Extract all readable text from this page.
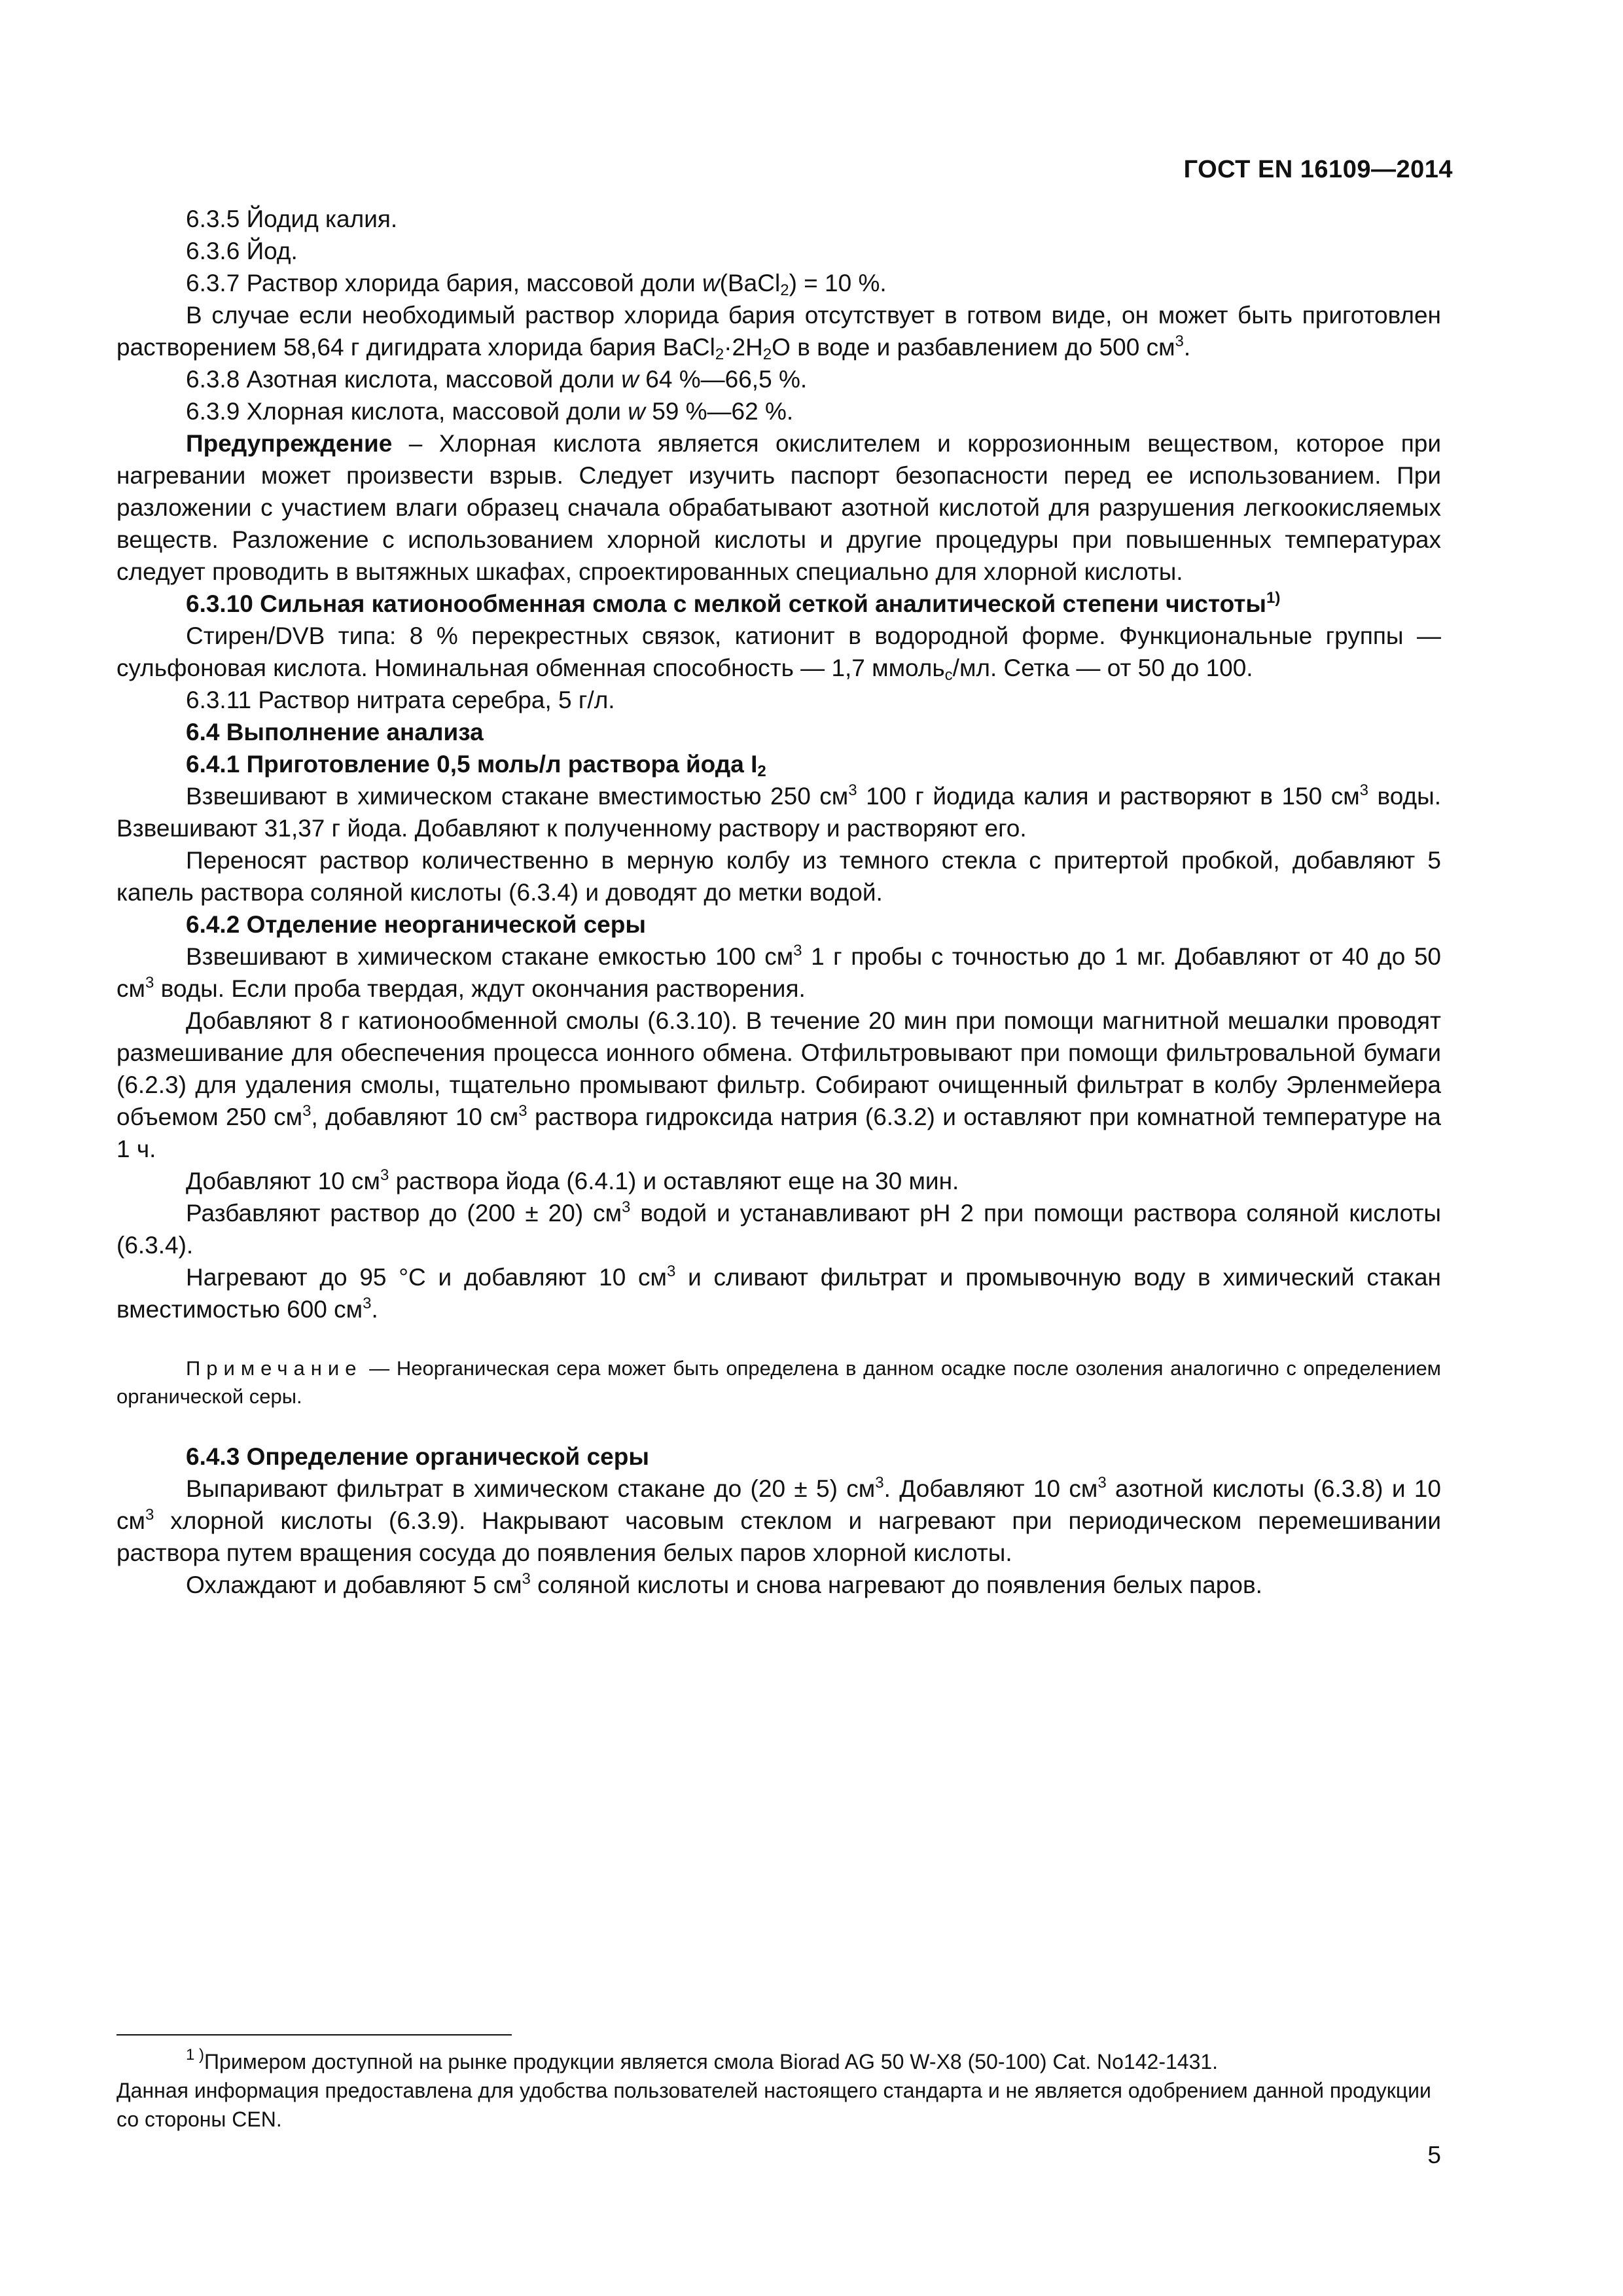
ГОСТ EN 16109—2014

6.3.5 Йодид калия.

6.3.6 Йод.

6.3.7 Раствор хлорида бария, массовой доли w(BaCl$_2$) = 10 %.

В случае если необходимый раствор хлорида бария отсутствует в готвом виде, он может быть приготовлен растворением 58,64 г дигидрата хлорида бария $BaCl_2\cdot 2H_2O$ в воде и разбавлением до 500 $см^3$.

6.3.8 Азотная кислота, массовой доли w 64 %—66,5 %.

6.3.9 Хлорная кислота, массовой доли w 59 %—62 %.

Предупреждение – Хлорная кислота является окислителем и коррозионным веществом, которое при нагревании может произвести взрыв. Следует изучить паспорт безопасности перед ее использованием. При разложении с участием влаги образец сначала обрабатывают азотной кислотой для разрушения легкоокисляемых веществ. Разложение с использованием хлорной кислоты и другие процедуры при повышенных температурах следует проводить в вытяжных шкафах, спроектированных специально для хлорной кислоты.

6.3.10 Сильная катионообменная смола с мелкой сеткой аналитической степени чистоты$^{1)}$

Стирен/DVB типа: 8 % перекрестных связок, катионит в водородной форме. Функциональные группы — сульфоновая кислота. Номинальная обменная способность — 1,7 ммоль$_c$/мл. Сетка — от 50 до 100.

6.3.11 Раствор нитрата серебра, 5 г/л.

6.4 Выполнение анализа

6.4.1 Приготовление 0,5 моль/л раствора йода $I_2$

Взвешивают в химическом стакане вместимостью 250 $см^3$ 100 г йодида калия и растворяют в 150 $см^3$ воды. Взвешивают 31,37 г йода. Добавляют к полученному раствору и растворяют его.

Переносят раствор количественно в мерную колбу из темного стекла с притертой пробкой, добавляют 5 капель раствора соляной кислоты (6.3.4) и доводят до метки водой.

6.4.2 Отделение неорганической серы

Взвешивают в химическом стакане емкостью 100 $см^3$ 1 г пробы с точностью до 1 мг. Добавляют от 40 до 50 $см^3$ воды. Если проба твердая, ждут окончания растворения.

Добавляют 8 г катионообменной смолы (6.3.10). В течение 20 мин при помощи магнитной мешалки проводят размешивание для обеспечения процесса ионного обмена. Отфильтровывают при помощи фильтровальной бумаги (6.2.3) для удаления смолы, тщательно промывают фильтр. Собирают очищенный фильтрат в колбу Эрленмейера объемом 250 $см^3$, добавляют 10 $см^3$ раствора гидроксида натрия (6.3.2) и оставляют при комнатной температуре на 1 ч.

Добавляют 10 $см^3$ раствора йода (6.4.1) и оставляют еще на 30 мин.

Разбавляют раствор до (200 ± 20) $см^3$ водой и устанавливают pH 2 при помощи раствора соляной кислоты (6.3.4).

Нагревают до 95 °С и добавляют 10 $см^3$ и сливают фильтрат и промывочную воду в химический стакан вместимостью 600 $см^3$.

Примечание — Неорганическая сера может быть определена в данном осадке после озоления аналогично с определением органической серы.

6.4.3 Определение органической серы

Выпаривают фильтрат в химическом стакане до (20 ± 5) $см^3$. Добавляют 10 $см^3$ азотной кислоты (6.3.8) и 10 $см^3$ хлорной кислоты (6.3.9). Накрывают часовым стеклом и нагревают при периодическом перемешивании раствора путем вращения сосуда до появления белых паров хлорной кислоты.

Охлаждают и добавляют 5 $см^3$ соляной кислоты и снова нагревают до появления белых паров.

$^{1 )}$Примером доступной на рынке продукции является смола Biorad AG 50 W-X8 (50-100) Cat. No142-1431.

Данная информация предоставлена для удобства пользователей настоящего стандарта и не является одобрением данной продукции со стороны CEN.

5
